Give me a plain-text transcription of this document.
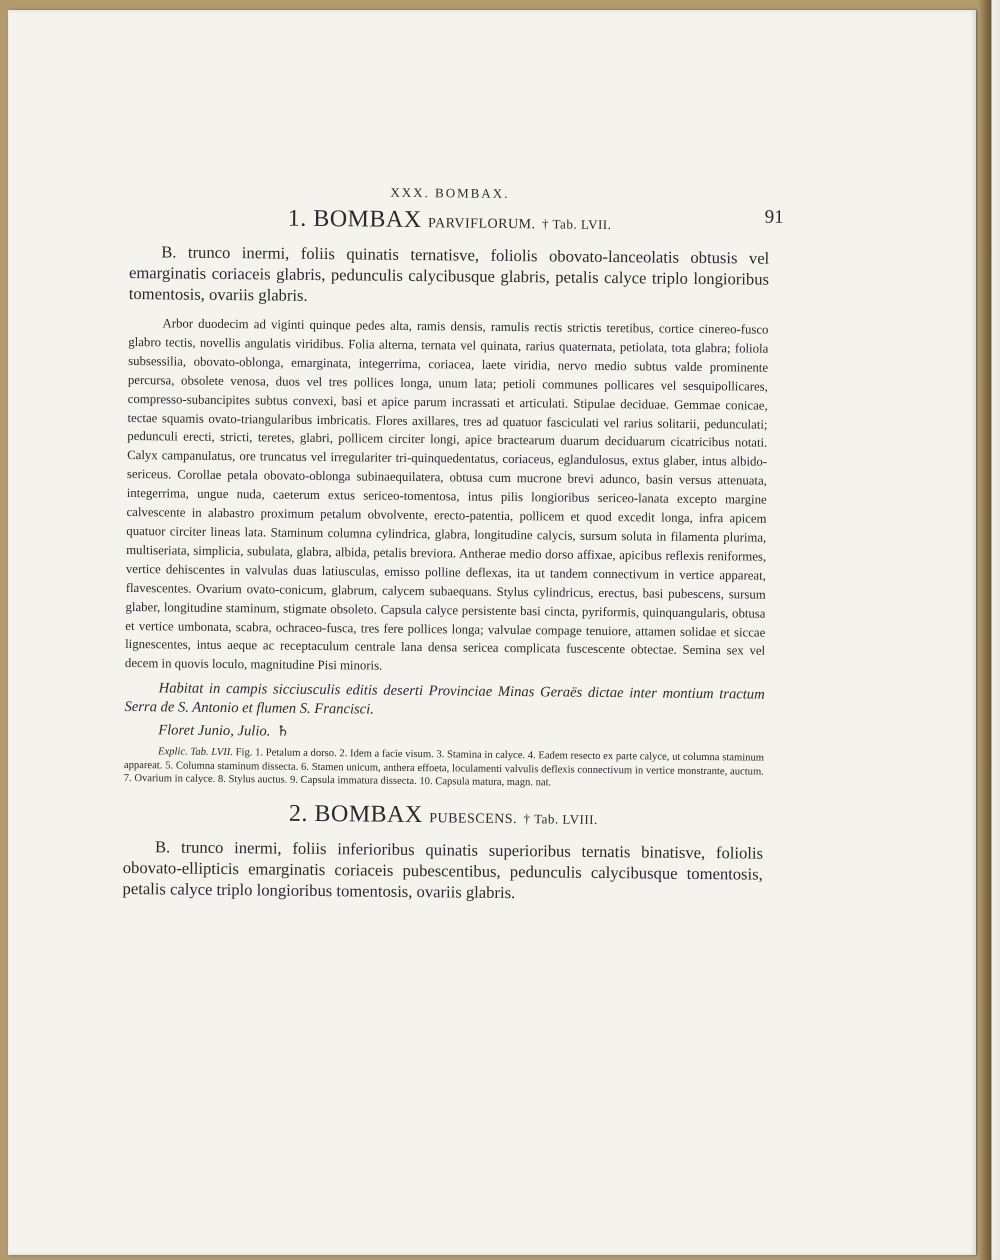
91
XXX. BOMBAX.
1. BOMBAX PARVIFLORUM. † Tab. LVII.

B. trunco inermi, foliis quinatis ternatisve, foliolis obovato-lanceolatis obtusis vel emarginatis coriaceis glabris, pedunculis calycibusque glabris, petalis calyce triplo longioribus tomentosis, ovariis glabris.

Arbor duodecim ad viginti quinque pedes alta, ramis densis, ramulis rectis strictis teretibus, cortice cinereo-fusco glabro tectis, novellis angulatis viridibus. Folia alterna, ternata vel quinata, rarius quaternata, petiolata, tota glabra; foliola subsessilia, obovato-oblonga, emarginata, integerrima, coriacea, laete viridia, nervo medio subtus valde prominente percursa, obsolete venosa, duos vel tres pollices longa, unum lata; petioli communes pollicares vel sesquipollicares, compresso-subancipites subtus convexi, basi et apice parum incrassati et articulati. Stipulae deciduae. Gemmae conicae, tectae squamis ovato-triangularibus imbricatis. Flores axillares, tres ad quatuor fasciculati vel rarius solitarii, pedunculati; pedunculi erecti, stricti, teretes, glabri, pollicem circiter longi, apice bractearum duarum deciduarum cicatricibus notati. Calyx campanulatus, ore truncatus vel irregulariter tri-quinquedentatus, coriaceus, eglandulosus, extus glaber, intus albido-sericeus. Corollae petala obovato-oblonga subinaequilatera, obtusa cum mucrone brevi adunco, basin versus attenuata, integerrima, ungue nuda, caeterum extus sericeo-tomentosa, intus pilis longioribus sericeo-lanata excepto margine calvescente in alabastro proximum petalum obvolvente, erecto-patentia, pollicem et quod excedit longa, infra apicem quatuor circiter lineas lata. Staminum columna cylindrica, glabra, longitudine calycis, sursum soluta in filamenta plurima, multiseriata, simplicia, subulata, glabra, albida, petalis breviora. Antherae medio dorso affixae, apicibus reflexis reniformes, vertice dehiscentes in valvulas duas latiusculas, emisso polline deflexas, ita ut tandem connectivum in vertice appareat, flavescentes. Ovarium ovato-conicum, glabrum, calycem subaequans. Stylus cylindricus, erectus, basi pubescens, sursum glaber, longitudine staminum, stigmate obsoleto. Capsula calyce persistente basi cincta, pyriformis, quinquangularis, obtusa et vertice umbonata, scabra, ochraceo-fusca, tres fere pollices longa; valvulae compage tenuiore, attamen solidae et siccae lignescentes, intus aeque ac receptaculum centrale lana densa sericea complicata fuscescente obtectae. Semina sex vel decem in quovis loculo, magnitudine Pisi minoris.

Habitat in campis sicciusculis editis deserti Provinciae Minas Geraës dictae inter montium tractum Serra de S. Antonio et flumen S. Francisci.

Floret Junio, Julio. ♄

Explic. Tab. LVII. Fig. 1. Petalum a dorso. 2. Idem a facie visum. 3. Stamina in calyce. 4. Eadem resecto ex parte calyce, ut columna staminum appareat. 5. Columna staminum dissecta. 6. Stamen unicum, anthera effoeta, loculamenti valvulis deflexis connectivum in vertice monstrante, auctum. 7. Ovarium in calyce. 8. Stylus auctus. 9. Capsula immatura dissecta. 10. Capsula matura, magn. nat.

2. BOMBAX PUBESCENS. † Tab. LVIII.

B. trunco inermi, foliis inferioribus quinatis superioribus ternatis binatisve, foliolis obovato-ellipticis emarginatis coriaceis pubescentibus, pedunculis calycibusque tomentosis, petalis calyce triplo longioribus tomentosis, ovariis glabris.
